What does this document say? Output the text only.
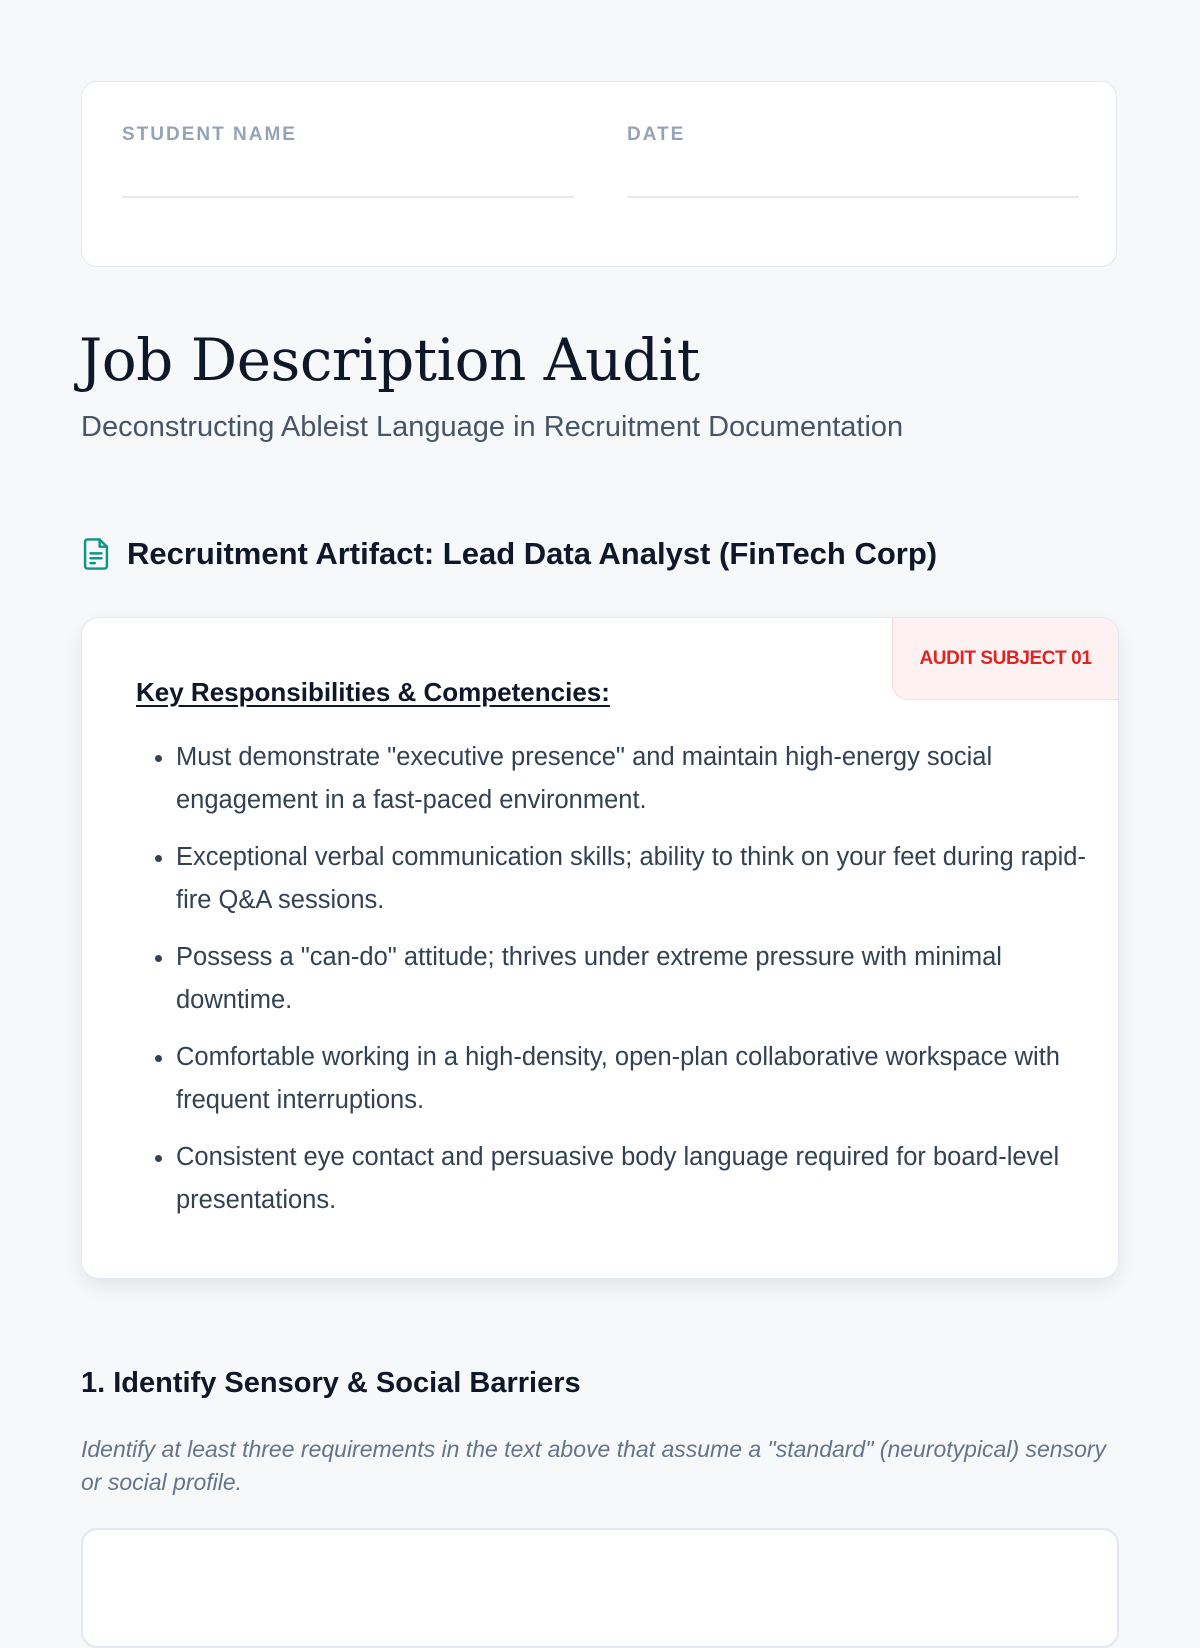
STUDENT NAME	DATE
Job Description Audit

Deconstructing Ableist Language in Recruitment Documentation

Recruitment Artifact: Lead Data Analyst (FinTech Corp)
AUDIT SUBJECT 01
Key Responsibilities & Competencies:
• Must demonstrate "executive presence" and maintain high-energy social engagement in a fast-paced environment.
• Exceptional verbal communication skills; ability to think on your feet during rapid-fire Q&A sessions.
• Possess a "can-do" attitude; thrives under extreme pressure with minimal downtime.
• Comfortable working in a high-density, open-plan collaborative workspace with frequent interruptions.
• Consistent eye contact and persuasive body language required for board-level presentations.
1. Identify Sensory & Social Barriers

Identify at least three requirements in the text above that assume a "standard" (neurotypical) sensory or social profile.
